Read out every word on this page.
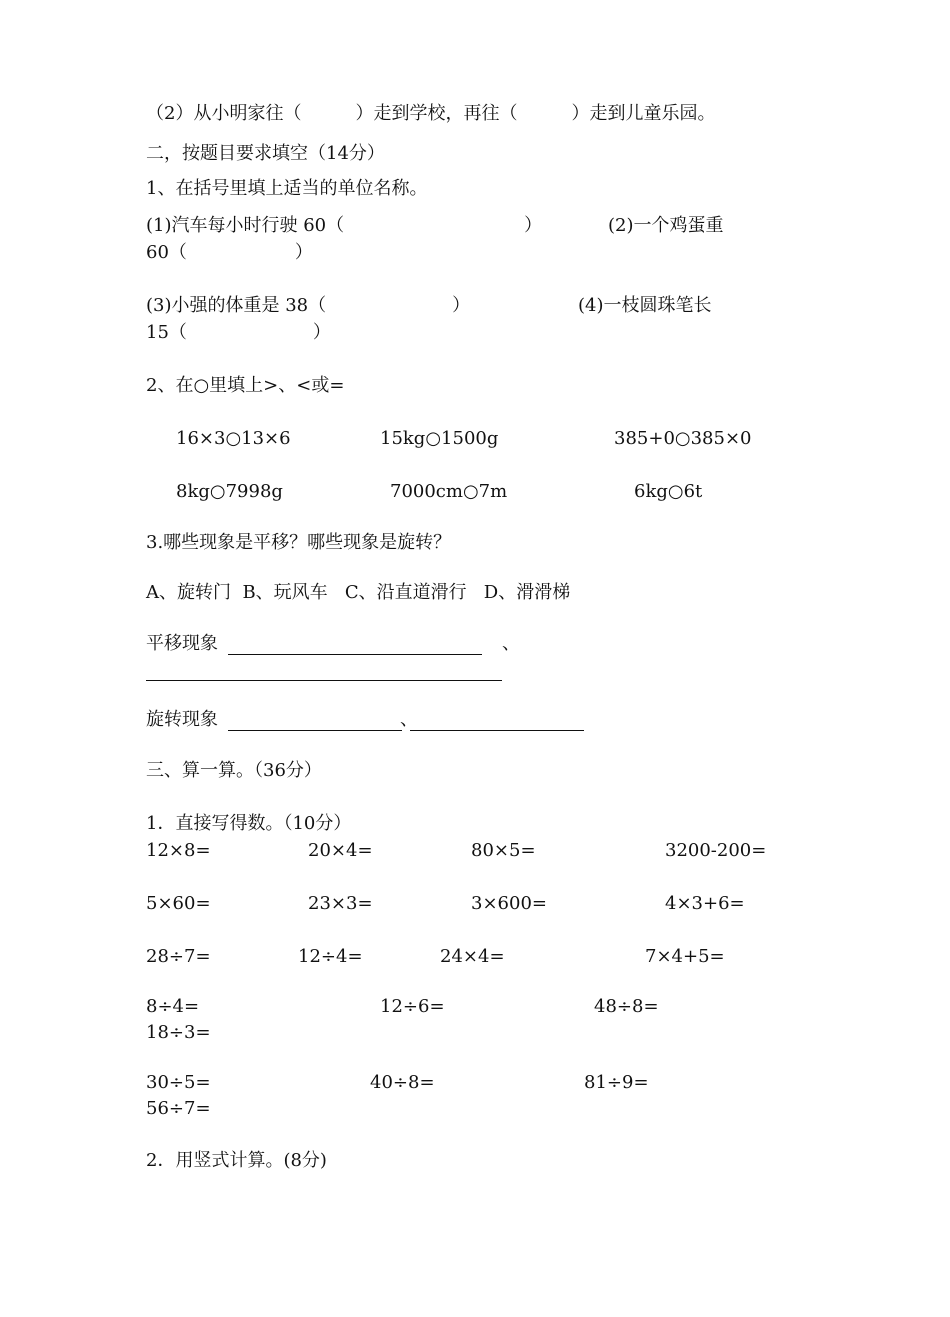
（2）从小明家往（　　　）走到学校，再往（　　　）走到儿童乐园。
二，按题目要求填空（14分）
1、在括号里填上适当的单位名称。
(1)汽车每小时行驶 60（　　　　　　　　　　）	(2)一个鸡蛋重
60（　　　　　　）
(3)小强的体重是 38（　　　　　　　）	(4)一枝圆珠笔长
15（　　　　　　　）
2、在○里填上>、<或=
16×3○13×6	15kg○1500g	385+0○385×0
8kg○7998g	7000cm○7m	6kg○6t
3.哪些现象是平移？哪些现象是旋转？
A、旋转门  B、玩风车   C、沿直道滑行   D、滑滑梯
平移现象	、
旋转现象	、
三、算一算。（36分）
1．直接写得数。（10分）
12×8=	20×4=	80×5=	3200-200=
5×60=	23×3=	3×600=	4×3+6=
28÷7=	12÷4=	24×4=	7×4+5=
8÷4=	12÷6=	48÷8=
18÷3=
30÷5=	40÷8=	81÷9=
56÷7=
2．用竖式计算。(8分)
